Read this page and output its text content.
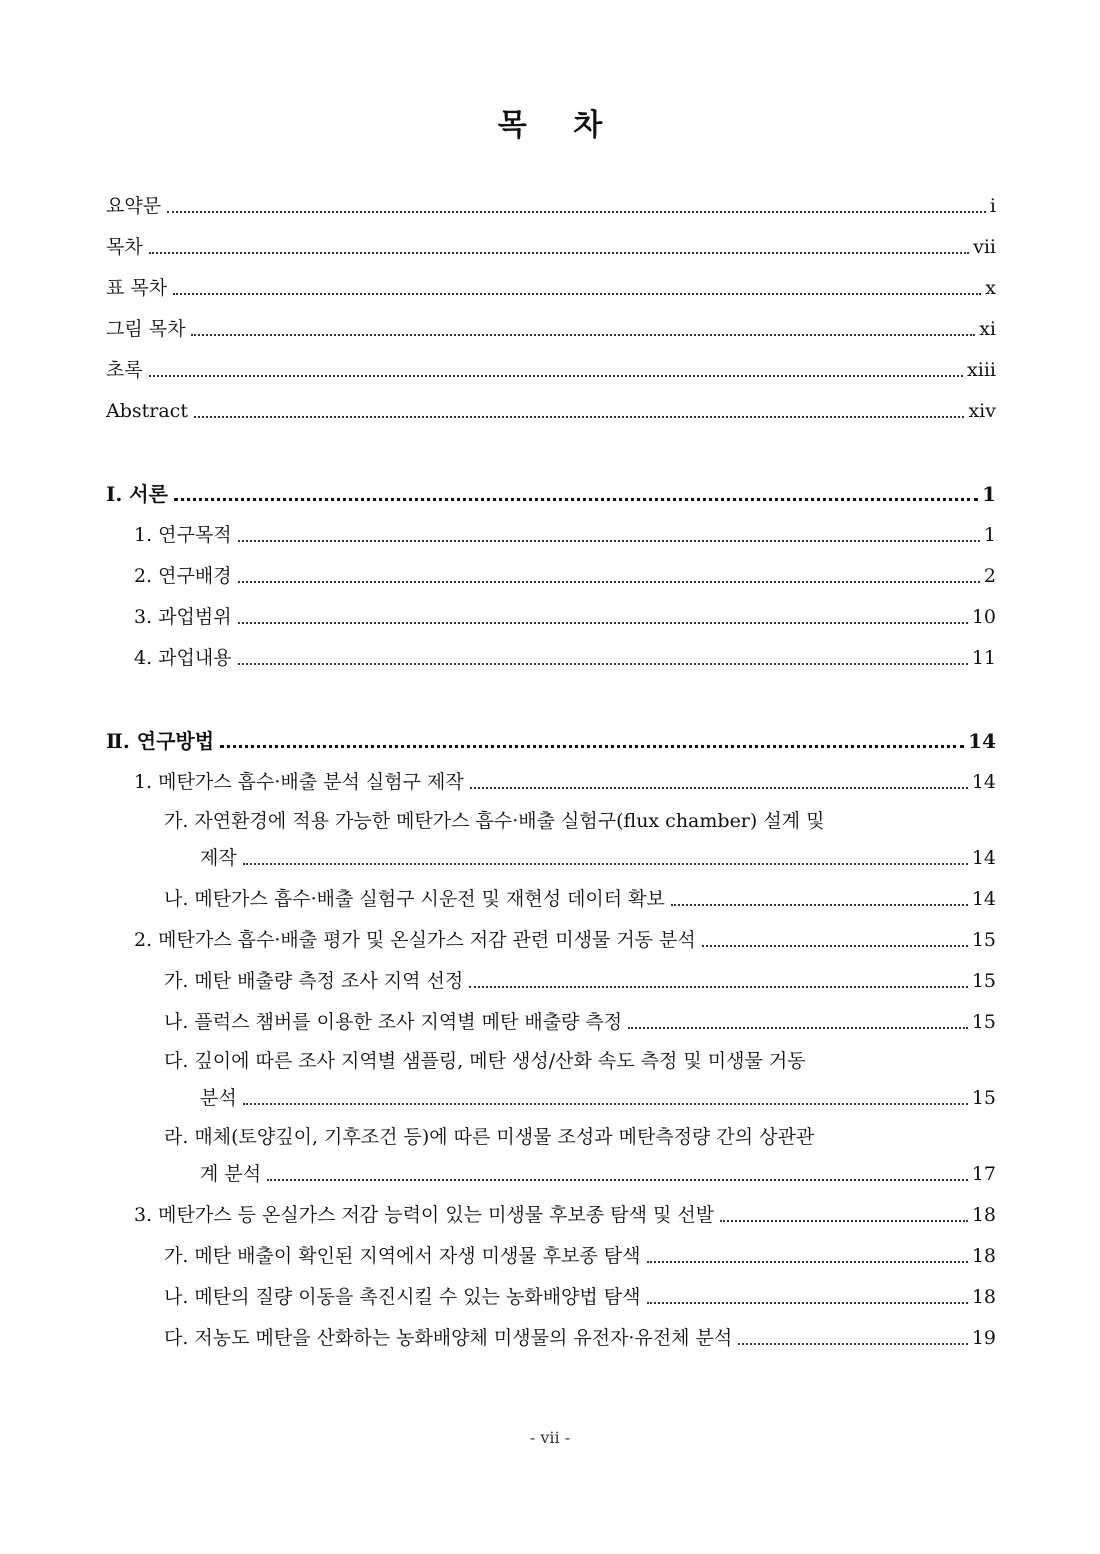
목 차
요약문	i
목차	vii
표 목차	x
그림 목차	xi
초록	xiii
Abstract	xiv
Ⅰ. 서론	1
1. 연구목적	1
2. 연구배경	2
3. 과업범위	10
4. 과업내용	11
Ⅱ. 연구방법	14
1. 메탄가스 흡수·배출 분석 실험구 제작	14
가. 자연환경에 적용 가능한 메탄가스 흡수·배출 실험구(flux chamber) 설계 및
제작	14
나. 메탄가스 흡수·배출 실험구 시운전 및 재현성 데이터 확보	14
2. 메탄가스 흡수·배출 평가 및 온실가스 저감 관련 미생물 거동 분석	15
가. 메탄 배출량 측정 조사 지역 선정	15
나. 플럭스 챔버를 이용한 조사 지역별 메탄 배출량 측정	15
다. 깊이에 따른 조사 지역별 샘플링, 메탄 생성/산화 속도 측정 및 미생물 거동
분석	15
라. 매체(토양깊이, 기후조건 등)에 따른 미생물 조성과 메탄측정량 간의 상관관
계 분석	17
3. 메탄가스 등 온실가스 저감 능력이 있는 미생물 후보종 탐색 및 선발	18
가. 메탄 배출이 확인된 지역에서 자생 미생물 후보종 탐색	18
나. 메탄의 질량 이동을 촉진시킬 수 있는 농화배양법 탐색	18
다. 저농도 메탄을 산화하는 농화배양체 미생물의 유전자·유전체 분석	19
- vii -
